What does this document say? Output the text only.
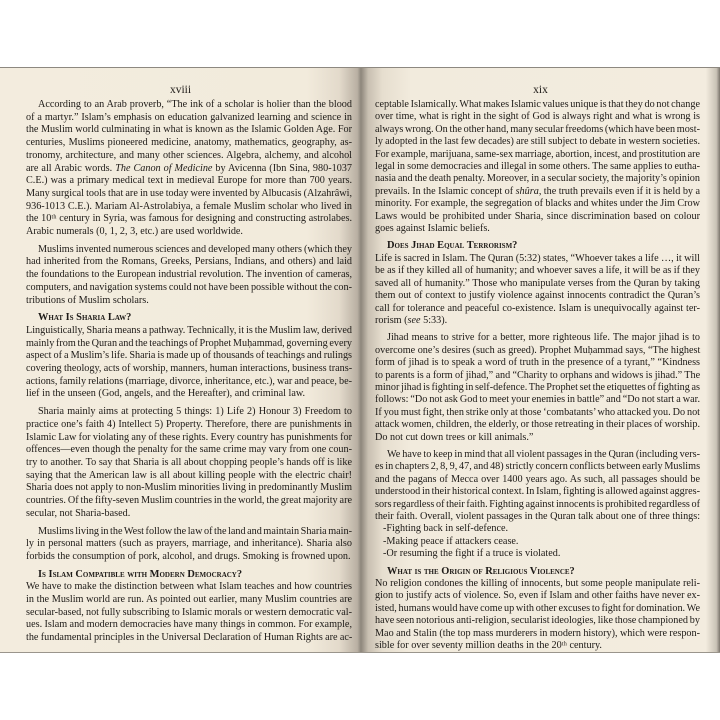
xviii
According to an Arab proverb, “The ink of a scholar is holier than the blood
of a martyr.” Islam’s emphasis on education galvanized learning and science in
the Muslim world culminating in what is known as the Islamic Golden Age. For
centuries, Muslims pioneered medicine, anatomy, mathematics, geography, as-
tronomy, architecture, and many other sciences. Algebra, alchemy, and alcohol
are all Arabic words. The Canon of Medicine by Avicenna (Ibn Sina, 980-1037
C.E.) was a primary medical text in medieval Europe for more than 700 years.
Many surgical tools that are in use today were invented by Albucasis (Alzahrâwi,
936-1013 C.E.). Mariam Al-Astrolabiya, a female Muslim scholar who lived in
the 10ᵗʰ century in Syria, was famous for designing and constructing astrolabes.
Arabic numerals (0, 1, 2, 3, etc.) are used worldwide.
Muslims invented numerous sciences and developed many others (which they
had inherited from the Romans, Greeks, Persians, Indians, and others) and laid
the foundations to the European industrial revolution. The invention of cameras,
computers, and navigation systems could not have been possible without the con-
tributions of Muslim scholars.
What Is Sharia Law?
Linguistically, Sharia means a pathway. Technically, it is the Muslim law, derived
mainly from the Quran and the teachings of Prophet Muḥammad, governing every
aspect of a Muslim’s life. Sharia is made up of thousands of teachings and rulings
covering theology, acts of worship, manners, human interactions, business trans-
actions, family relations (marriage, divorce, inheritance, etc.), war and peace, be-
lief in the unseen (God, angels, and the Hereafter), and criminal law.
Sharia mainly aims at protecting 5 things: 1) Life 2) Honour 3) Freedom to
practice one’s faith 4) Intellect 5) Property. Therefore, there are punishments in
Islamic Law for violating any of these rights. Every country has punishments for
offences—even though the penalty for the same crime may vary from one coun-
try to another. To say that Sharia is all about chopping people’s hands off is like
saying that the American law is all about killing people with the electric chair!
Sharia does not apply to non-Muslim minorities living in predominantly Muslim
countries. Of the fifty-seven Muslim countries in the world, the great majority are
secular, not Sharia-based.
Muslims living in the West follow the law of the land and maintain Sharia main-
ly in personal matters (such as prayers, marriage, and inheritance). Sharia also
forbids the consumption of pork, alcohol, and drugs. Smoking is frowned upon.
Is Islam Compatible with Modern Democracy?
We have to make the distinction between what Islam teaches and how countries
in the Muslim world are run. As pointed out earlier, many Muslim countries are
secular-based, not fully subscribing to Islamic morals or western democratic val-
ues. Islam and modern democracies have many things in common. For example,
the fundamental principles in the Universal Declaration of Human Rights are ac-
xix
ceptable Islamically. What makes Islamic values unique is that they do not change
over time, what is right in the sight of God is always right and what is wrong is
always wrong. On the other hand, many secular freedoms (which have been most-
ly adopted in the last few decades) are still subject to debate in western societies.
For example, marijuana, same-sex marriage, abortion, incest, and prostitution are
legal in some democracies and illegal in some others. The same applies to eutha-
nasia and the death penalty. Moreover, in a secular society, the majority’s opinion
prevails. In the Islamic concept of shûra, the truth prevails even if it is held by a
minority. For example, the segregation of blacks and whites under the Jim Crow
Laws would be prohibited under Sharia, since discrimination based on colour
goes against Islamic beliefs.
Does Jihad Equal Terrorism?
Life is sacred in Islam. The Quran (5:32) states, “Whoever takes a life …, it will
be as if they killed all of humanity; and whoever saves a life, it will be as if they
saved all of humanity.” Those who manipulate verses from the Quran by taking
them out of context to justify violence against innocents contradict the Quran’s
call for tolerance and peaceful co-existence. Islam is unequivocally against ter-
rorism (see 5:33).
Jihad means to strive for a better, more righteous life. The major jihad is to
overcome one’s desires (such as greed). Prophet Muḥammad says, “The highest
form of jihad is to speak a word of truth in the presence of a tyrant,” “Kindness
to parents is a form of jihad,” and “Charity to orphans and widows is jihad.” The
minor jihad is fighting in self-defence. The Prophet set the etiquettes of fighting as
follows: “Do not ask God to meet your enemies in battle” and “Do not start a war.
If you must fight, then strike only at those ‘combatants’ who attacked you. Do not
attack women, children, the elderly, or those retreating in their places of worship.
Do not cut down trees or kill animals.”
We have to keep in mind that all violent passages in the Quran (including vers-
es in chapters 2, 8, 9, 47, and 48) strictly concern conflicts between early Muslims
and the pagans of Mecca over 1400 years ago. As such, all passages should be
understood in their historical context. In Islam, fighting is allowed against aggres-
sors regardless of their faith. Fighting against innocents is prohibited regardless of
their faith. Overall, violent passages in the Quran talk about one of three things:
-Fighting back in self-defence.
-Making peace if attackers cease.
-Or resuming the fight if a truce is violated.
What is the Origin of Religious Violence?
No religion condones the killing of innocents, but some people manipulate reli-
gion to justify acts of violence. So, even if Islam and other faiths have never ex-
isted, humans would have come up with other excuses to fight for domination. We
have seen notorious anti-religion, secularist ideologies, like those championed by
Mao and Stalin (the top mass murderers in modern history), which were respon-
sible for over seventy million deaths in the 20ᵗʰ century.
